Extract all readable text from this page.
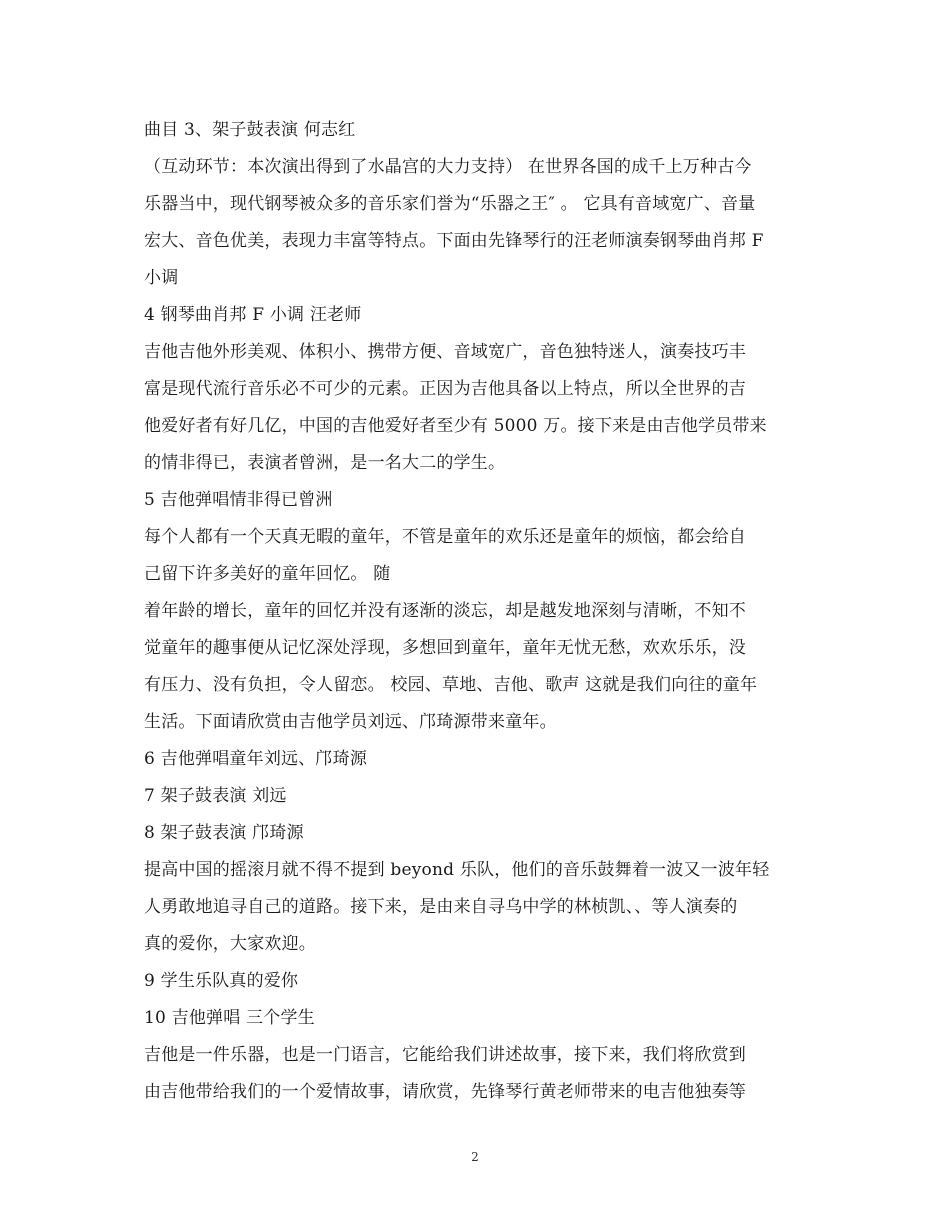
曲目 3、架子鼓表演 何志红
（互动环节：本次演出得到了水晶宫的大力支持） 在世界各国的成千上万种古今
乐器当中，现代钢琴被众多的音乐家们誉为“乐器之王″ 。 它具有音域宽广、音量
宏大、音色优美，表现力丰富等特点。下面由先锋琴行的汪老师演奏钢琴曲肖邦 F
小调
4 钢琴曲肖邦 F 小调 汪老师
吉他吉他外形美观、体积小、携带方便、音域宽广，音色独特迷人，演奏技巧丰
富是现代流行音乐必不可少的元素。正因为吉他具备以上特点，所以全世界的吉
他爱好者有好几亿，中国的吉他爱好者至少有 5000 万。接下来是由吉他学员带来
的情非得已，表演者曾洲，是一名大二的学生。
5 吉他弹唱情非得已曾洲
每个人都有一个天真无暇的童年，不管是童年的欢乐还是童年的烦恼，都会给自
己留下许多美好的童年回忆。 随
着年龄的增长，童年的回忆并没有逐渐的淡忘，却是越发地深刻与清晰，不知不
觉童年的趣事便从记忆深处浮现，多想回到童年，童年无忧无愁，欢欢乐乐，没
有压力、没有负担，令人留恋。 校园、草地、吉他、歌声 这就是我们向往的童年
生活。下面请欣赏由吉他学员刘远、邝琦源带来童年。
6 吉他弹唱童年刘远、邝琦源
7 架子鼓表演 刘远
8 架子鼓表演 邝琦源
提高中国的摇滚月就不得不提到 beyond 乐队，他们的音乐鼓舞着一波又一波年轻
人勇敢地追寻自己的道路。接下来，是由来自寻乌中学的林桢凯、、等人演奏的
真的爱你，大家欢迎。
9 学生乐队真的爱你
10 吉他弹唱 三个学生
吉他是一件乐器，也是一门语言，它能给我们讲述故事，接下来，我们将欣赏到
由吉他带给我们的一个爱情故事，请欣赏，先锋琴行黄老师带来的电吉他独奏等
2
